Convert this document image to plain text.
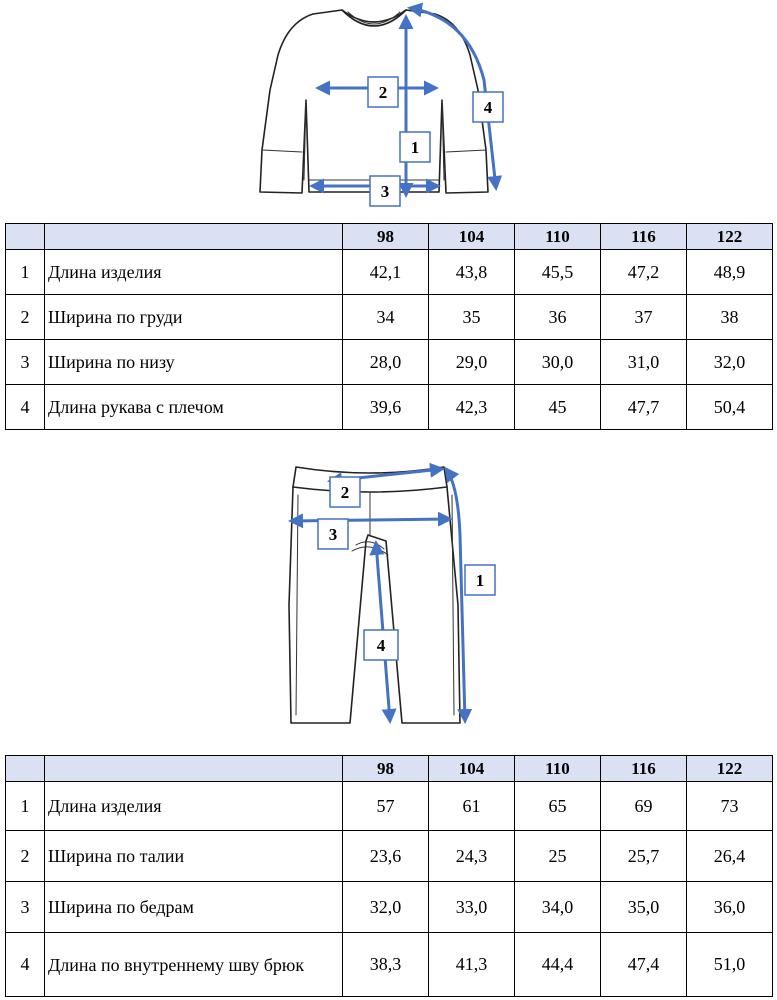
1
2
3
4
		98	104	110	116	122
1	Длина изделия	42,1	43,8	45,5	47,2	48,9
2	Ширина по груди	34	35	36	37	38
3	Ширина по низу	28,0	29,0	30,0	31,0	32,0
4	Длина рукава с плечом	39,6	42,3	45	47,7	50,4
1
2
3
4
		98	104	110	116	122
1	Длина изделия	57	61	65	69	73
2	Ширина по талии	23,6	24,3	25	25,7	26,4
3	Ширина по бедрам	32,0	33,0	34,0	35,0	36,0
4	Длина по внутреннему шву брюк	38,3	41,3	44,4	47,4	51,0
